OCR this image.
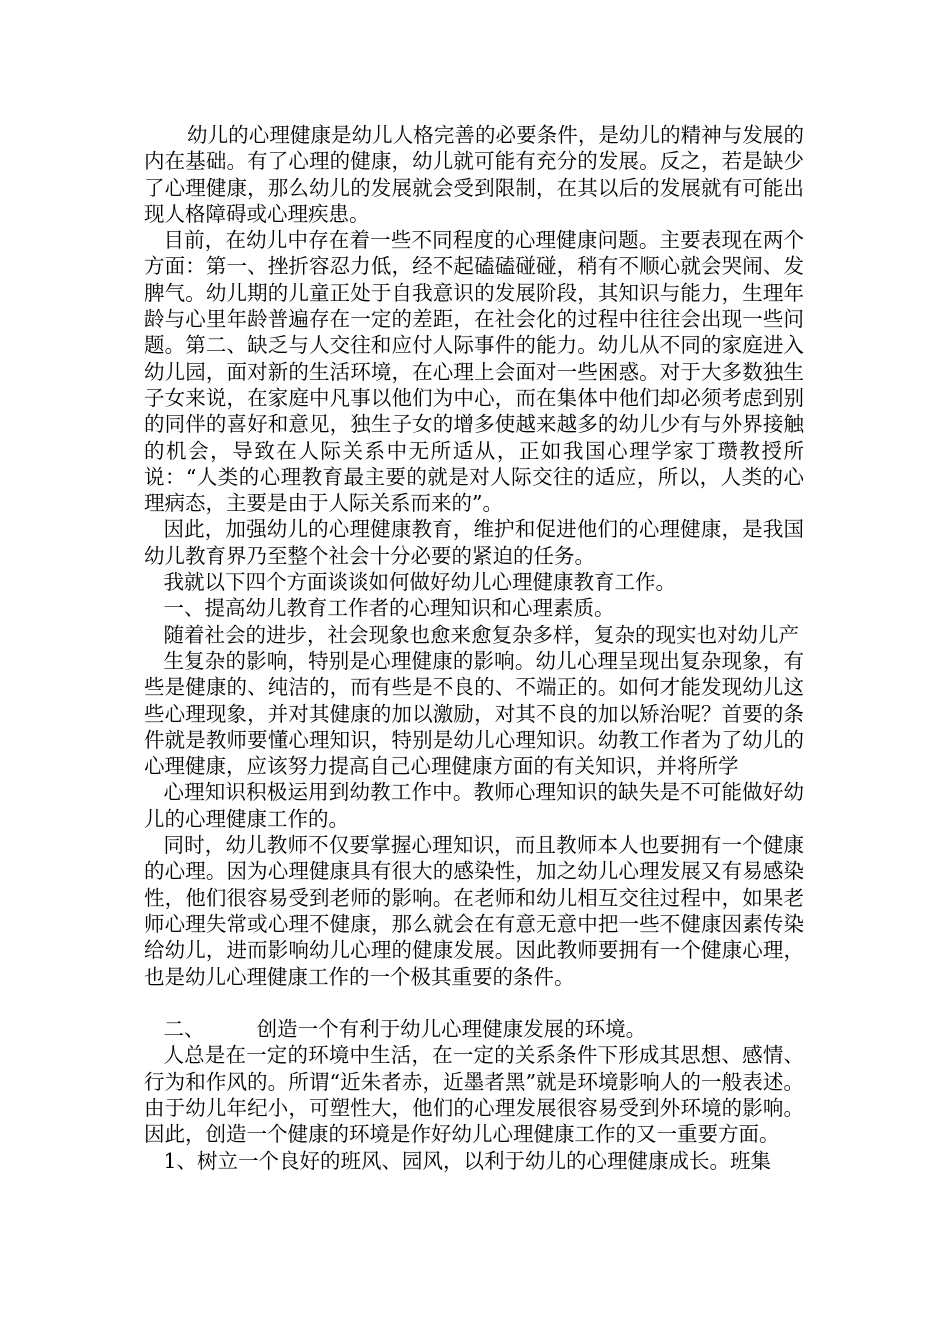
幼儿的心理健康是幼儿人格完善的必要条件，是幼儿的精神与发展的内在基础。有了心理的健康，幼儿就可能有充分的发展。反之，若是缺少了心理健康，那么幼儿的发展就会受到限制，在其以后的发展就有可能出现人格障碍或心理疾患。

目前，在幼儿中存在着一些不同程度的心理健康问题。主要表现在两个方面：第一、挫折容忍力低，经不起磕磕碰碰，稍有不顺心就会哭闹、发脾气。幼儿期的儿童正处于自我意识的发展阶段，其知识与能力，生理年龄与心里年龄普遍存在一定的差距，在社会化的过程中往往会出现一些问题。第二、缺乏与人交往和应付人际事件的能力。幼儿从不同的家庭进入幼儿园，面对新的生活环境，在心理上会面对一些困惑。对于大多数独生子女来说，在家庭中凡事以他们为中心，而在集体中他们却必须考虑到别的同伴的喜好和意见，独生子女的增多使越来越多的幼儿少有与外界接触的机会，导致在人际关系中无所适从，正如我国心理学家丁瓒教授所说：“人类的心理教育最主要的就是对人际交往的适应，所以，人类的心理病态，主要是由于人际关系而来的”。

因此，加强幼儿的心理健康教育，维护和促进他们的心理健康，是我国幼儿教育界乃至整个社会十分必要的紧迫的任务。

我就以下四个方面谈谈如何做好幼儿心理健康教育工作。

一、提高幼儿教育工作者的心理知识和心理素质。

随着社会的进步，社会现象也愈来愈复杂多样，复杂的现实也对幼儿产

生复杂的影响，特别是心理健康的影响。幼儿心理呈现出复杂现象，有些是健康的、纯洁的，而有些是不良的、不端正的。如何才能发现幼儿这些心理现象，并对其健康的加以激励，对其不良的加以矫治呢？首要的条件就是教师要懂心理知识，特别是幼儿心理知识。幼教工作者为了幼儿的心理健康，应该努力提高自己心理健康方面的有关知识，并将所学

心理知识积极运用到幼教工作中。教师心理知识的缺失是不可能做好幼儿的心理健康工作的。

同时，幼儿教师不仅要掌握心理知识，而且教师本人也要拥有一个健康的心理。因为心理健康具有很大的感染性，加之幼儿心理发展又有易感染性，他们很容易受到老师的影响。在老师和幼儿相互交往过程中，如果老师心理失常或心理不健康，那么就会在有意无意中把一些不健康因素传染给幼儿，进而影响幼儿心理的健康发展。因此教师要拥有一个健康心理，也是幼儿心理健康工作的一个极其重要的条件。

二、        创造一个有利于幼儿心理健康发展的环境。

人总是在一定的环境中生活，在一定的关系条件下形成其思想、感情、行为和作风的。所谓“近朱者赤，近墨者黑”就是环境影响人的一般表述。由于幼儿年纪小，可塑性大，他们的心理发展很容易受到外环境的影响。因此，创造一个健康的环境是作好幼儿心理健康工作的又一重要方面。

1、树立一个良好的班风、园风，以利于幼儿的心理健康成长。班集
